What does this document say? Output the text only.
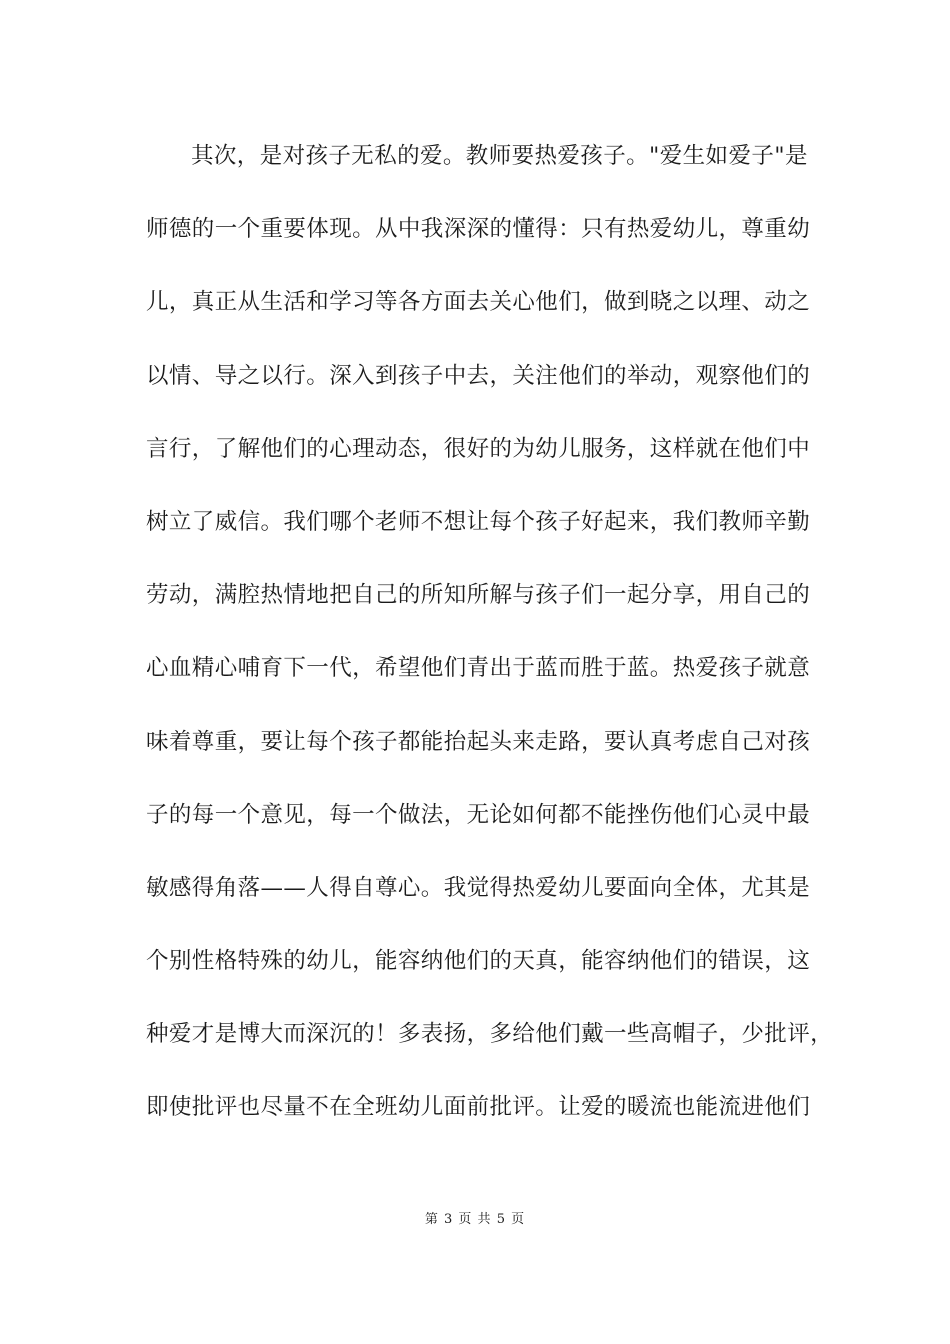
其次，是对孩子无私的爱。教师要热爱孩子。"爱生如爱子"是
师德的一个重要体现。从中我深深的懂得：只有热爱幼儿，尊重幼
儿，真正从生活和学习等各方面去关心他们，做到晓之以理、动之
以情、导之以行。深入到孩子中去，关注他们的举动，观察他们的
言行，了解他们的心理动态，很好的为幼儿服务，这样就在他们中
树立了威信。我们哪个老师不想让每个孩子好起来，我们教师辛勤
劳动，满腔热情地把自己的所知所解与孩子们一起分享，用自己的
心血精心哺育下一代，希望他们青出于蓝而胜于蓝。热爱孩子就意
味着尊重，要让每个孩子都能抬起头来走路，要认真考虑自己对孩
子的每一个意见，每一个做法，无论如何都不能挫伤他们心灵中最
敏感得角落——人得自尊心。我觉得热爱幼儿要面向全体，尤其是
个别性格特殊的幼儿，能容纳他们的天真，能容纳他们的错误，这
种爱才是博大而深沉的！多表扬，多给他们戴一些高帽子，少批评，
即使批评也尽量不在全班幼儿面前批评。让爱的暖流也能流进他们
第 3 页 共 5 页
